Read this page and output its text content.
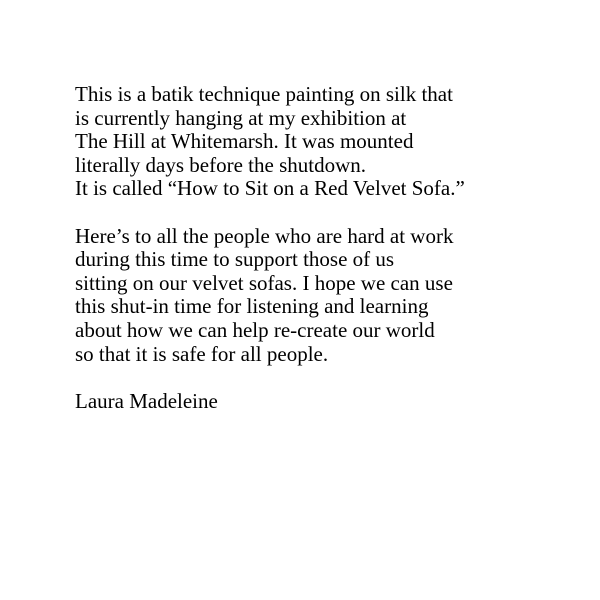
This is a batik technique painting on silk that
is currently hanging at my exhibition at
The Hill at Whitemarsh. It was mounted
literally days before the shutdown.
It is called “How to Sit on a Red Velvet Sofa.”
Here’s to all the people who are hard at work
during this time to support those of us
sitting on our velvet sofas. I hope we can use
this shut-in time for listening and learning
about how we can help re-create our world
so that it is safe for all people.
Laura Madeleine
